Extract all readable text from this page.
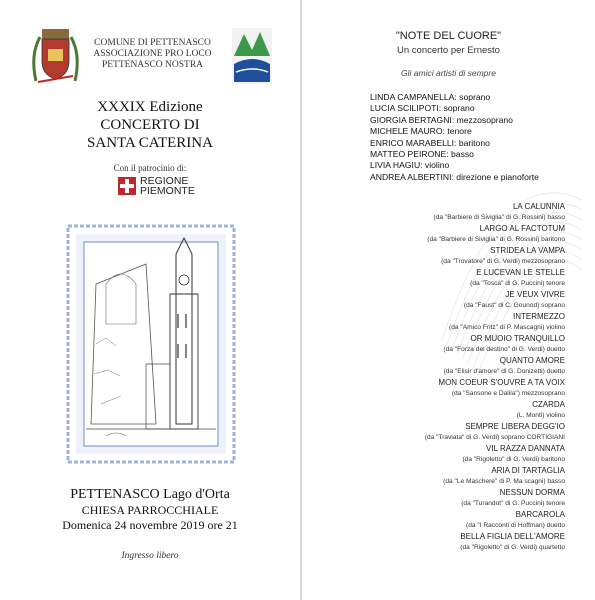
COMUNE DI PETTENASCO
ASSOCIAZIONE PRO LOCO
PETTENASCO NOSTRA
XXXIX Edizione
CONCERTO DI
SANTA CATERINA
Con il patrocinio di:
REGIONE
PIEMONTE
PETTENASCO Lago d'Orta
CHIESA PARROCCHIALE
Domenica 24 novembre 2019 ore 21
Ingresso libero
"NOTE DEL CUORE"
Un concerto per Ernesto
Gli amici artisti di sempre
LINDA CAMPANELLA: soprano
LUCIA SCILIPOTI: soprano
GIORGIA BERTAGNI: mezzosoprano
MICHELE MAURO: tenore
ENRICO MARABELLI: baritono
MATTEO PEIRONE: basso
LIVIA HAGIU: violino
ANDREA ALBERTINI: direzione e pianoforte
LA CALUNNIA
(da "Barbiere di Siviglia" di G. Rossini) basso
LARGO AL FACTOTUM
(da "Barbiere di Siviglia" di G. Rossini) baritono
STRIDEA LA VAMPA
(da "Trovatore" di G. Verdi) mezzosoprano
E LUCEVAN LE STELLE
(da "Tosca" di G. Puccini) tenore
JE VEUX VIVRE
(da "Faust" di C. Gounod) soprano
INTERMEZZO
(da "Amico Fritz" di P. Mascagni) violino
OR MUOIO TRANQUILLO
(da "Forza del destino" di G. Verdi) duetto
QUANTO AMORE
(da "Elisir d'amore" di G. Donizetti) duetto
MON COEUR S'OUVRE A TA VOIX
(da "Sansone e Dalila") mezzosoprano
CZARDA
(L. Monti) violino
SEMPRE LIBERA DEGG'IO
(da "Traviata" di G. Verdi) soprano CORTIGIANI
VIL RAZZA DANNATA
(da "Rigoletto" di G. Verdi) baritono
ARIA DI TARTAGLIA
(da "Le Maschere" di P. Ma scagni) basso
NESSUN DORMA
(da "Turandot" di G. Puccini) tenore
BARCAROLA
(da "I Racconti di Hoffman) duetto
BELLA FIGLIA DELL'AMORE
(da "Rigoletto" di G. Verdi) quartetto
